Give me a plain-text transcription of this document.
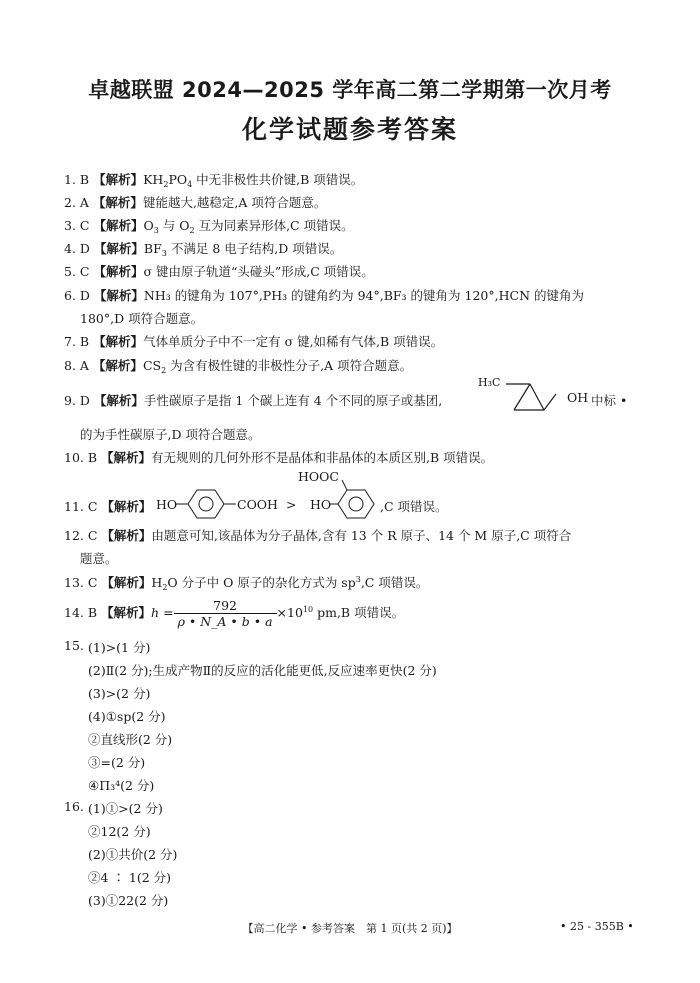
卓越联盟 2024—2025 学年高二第二学期第一次月考
化学试题参考答案
1. B 【解析】$KH_2PO_4$ 中无非极性共价键,B 项错误。
2. A 【解析】键能越大,越稳定,A 项符合题意。
3. C 【解析】$O_3$ 与 $O_2$ 互为同素异形体,C 项错误。
4. D 【解析】$BF_3$ 不满足 8 电子结构,D 项错误。
5. C 【解析】σ 键由原子轨道“头碰头”形成,C 项错误。
6. D 【解析】NH₃ 的键角为 107°,PH₃ 的键角约为 94°,BF₃ 的键角为 120°,HCN 的键角为
180°,D 项符合题意。
7. B 【解析】气体单质分子中不一定有 σ 键,如稀有气体,B 项错误。
8. A 【解析】$CS_2$ 为含有极性键的非极性分子,A 项符合题意。
9. D 【解析】手性碳原子是指 1 个碳上连有 4 个不同的原子或基团,
H₃C
OH 中标 •
的为手性碳原子,D 项符合题意。
10. B 【解析】有无规则的几何外形不是晶体和非晶体的本质区别,B 项错误。
11. C 【解析】 HO	COOH > HO
HOOC
,C 项错误。
12. C 【解析】由题意可知,该晶体为分子晶体,含有 13 个 R 原子、14 个 M 原子,C 项符合
题意。
13. C 【解析】$H_2O$ 分子中 O 原子的杂化方式为 $sp^3,C$ 项错误。
14. B 【解析】$h = \frac{792}{\rho • N\_A • b • a} \times 10^{10}$ pm,B 项错误。
15. (1)>(1 分)
(2)Ⅱ(2 分);生成产物Ⅱ的反应的活化能更低,反应速率更快(2 分)
(3)>(2 分)
(4)①sp(2 分)
②直线形(2 分)
③=(2 分)
④Π₃⁴(2 分)
16. (1)①>(2 分)
②12(2 分)
(2)①共价(2 分)
②4 ∶ 1(2 分)
(3)①22(2 分)
【高二化学 • 参考答案　第 1 页(共 2 页)】	• 25 - 355B •
